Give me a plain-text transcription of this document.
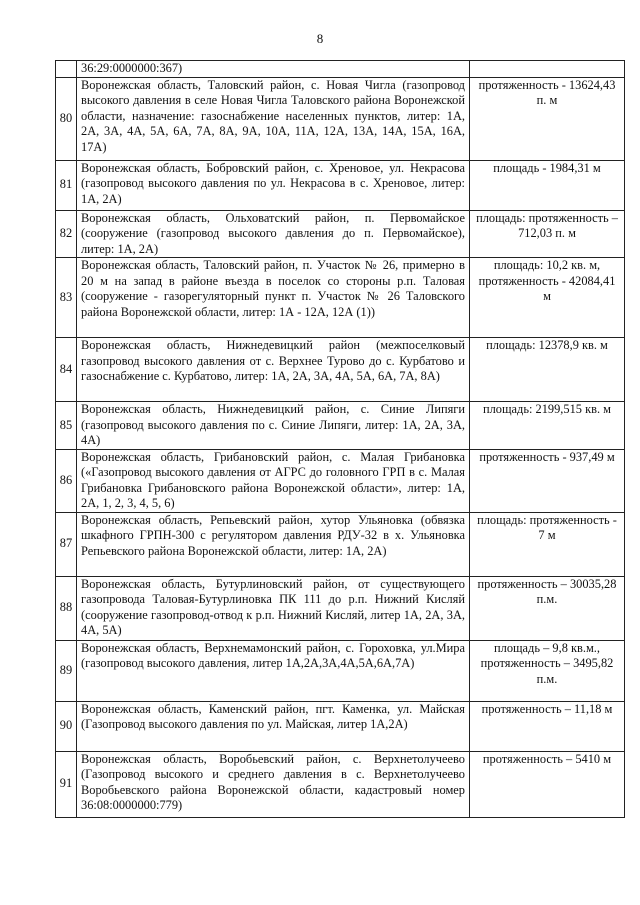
8
	36:29:0000000:367)	
80	Воронежская область, Таловский район, с. Новая Чигла (газопровод высокого давления в селе Новая Чигла Таловского района Воронежской области, назначение: газоснабжение населенных пунктов, литер: 1А, 2А, 3А, 4А, 5А, 6А, 7А, 8А, 9А, 10А, 11А, 12А, 13А, 14А, 15А, 16А, 17А)	протяженность - 13624,43 п. м
81	Воронежская область, Бобровский район, с. Хреновое, ул. Некрасова (газопровод высокого давления по ул. Некрасова в с. Хреновое, литер: 1А, 2А)	площадь - 1984,31 м
82	Воронежская область, Ольховатский район, п. Первомайское (сооружение (газопровод высокого давления до п. Первомайское), литер: 1А, 2А)	площадь: протяженность – 712,03 п. м
83	Воронежская область, Таловский район, п. Участок № 26, примерно в 20 м на запад в районе въезда в поселок со стороны р.п. Таловая (сооружение - газорегуляторный пункт п. Участок № 26 Таловского района Воронежской области, литер: 1А - 12А, 12А (1))	площадь: 10,2 кв. м, протяженность - 42084,41 м
84	Воронежская область, Нижнедевицкий район (межпоселковый газопровод высокого давления от с. Верхнее Турово до с. Курбатово и газоснабжение с. Курбатово, литер: 1А, 2А, 3А, 4А, 5А, 6А, 7А, 8А)	площадь: 12378,9 кв. м
85	Воронежская область, Нижнедевицкий район, с. Синие Липяги (газопровод высокого давления по с. Синие Липяги, литер: 1А, 2А, 3А, 4А)	площадь: 2199,515 кв. м
86	Воронежская область, Грибановский район, с. Малая Грибановка («Газопровод высокого давления от АГРС до головного ГРП в с. Малая Грибановка Грибановского района Воронежской области», литер: 1А, 2А, 1, 2, 3, 4, 5, 6)	протяженность - 937,49 м
87	Воронежская область, Репьевский район, хутор Ульяновка (обвязка шкафного ГРПН-300 с регулятором давления РДУ-32 в х. Ульяновка Репьевского района Воронежской области, литер: 1А, 2А)	площадь: протяженность - 7 м
88	Воронежская область, Бутурлиновский район, от существующего газопровода Таловая-Бутурлиновка ПК 111 до р.п. Нижний Кисляй (сооружение газопровод-отвод к р.п. Нижний Кисляй, литер 1А, 2А, 3А, 4А, 5А)	протяженность – 30035,28 п.м.
89	Воронежская область, Верхнемамонский район, с. Гороховка, ул.Мира (газопровод высокого давления, литер 1А,2А,3А,4А,5А,6А,7А)	площадь – 9,8 кв.м., протяженность – 3495,82 п.м.
90	Воронежская область, Каменский район, пгт. Каменка, ул. Майская (Газопровод высокого давления по ул. Майская, литер 1А,2А)	протяженность – 11,18 м
91	Воронежская область, Воробьевский район, с. Верхнетолучеево (Газопровод высокого и среднего давления в с. Верхнетолучеево Воробьевского района Воронежской области, кадастровый номер 36:08:0000000:779)	протяженность – 5410 м
